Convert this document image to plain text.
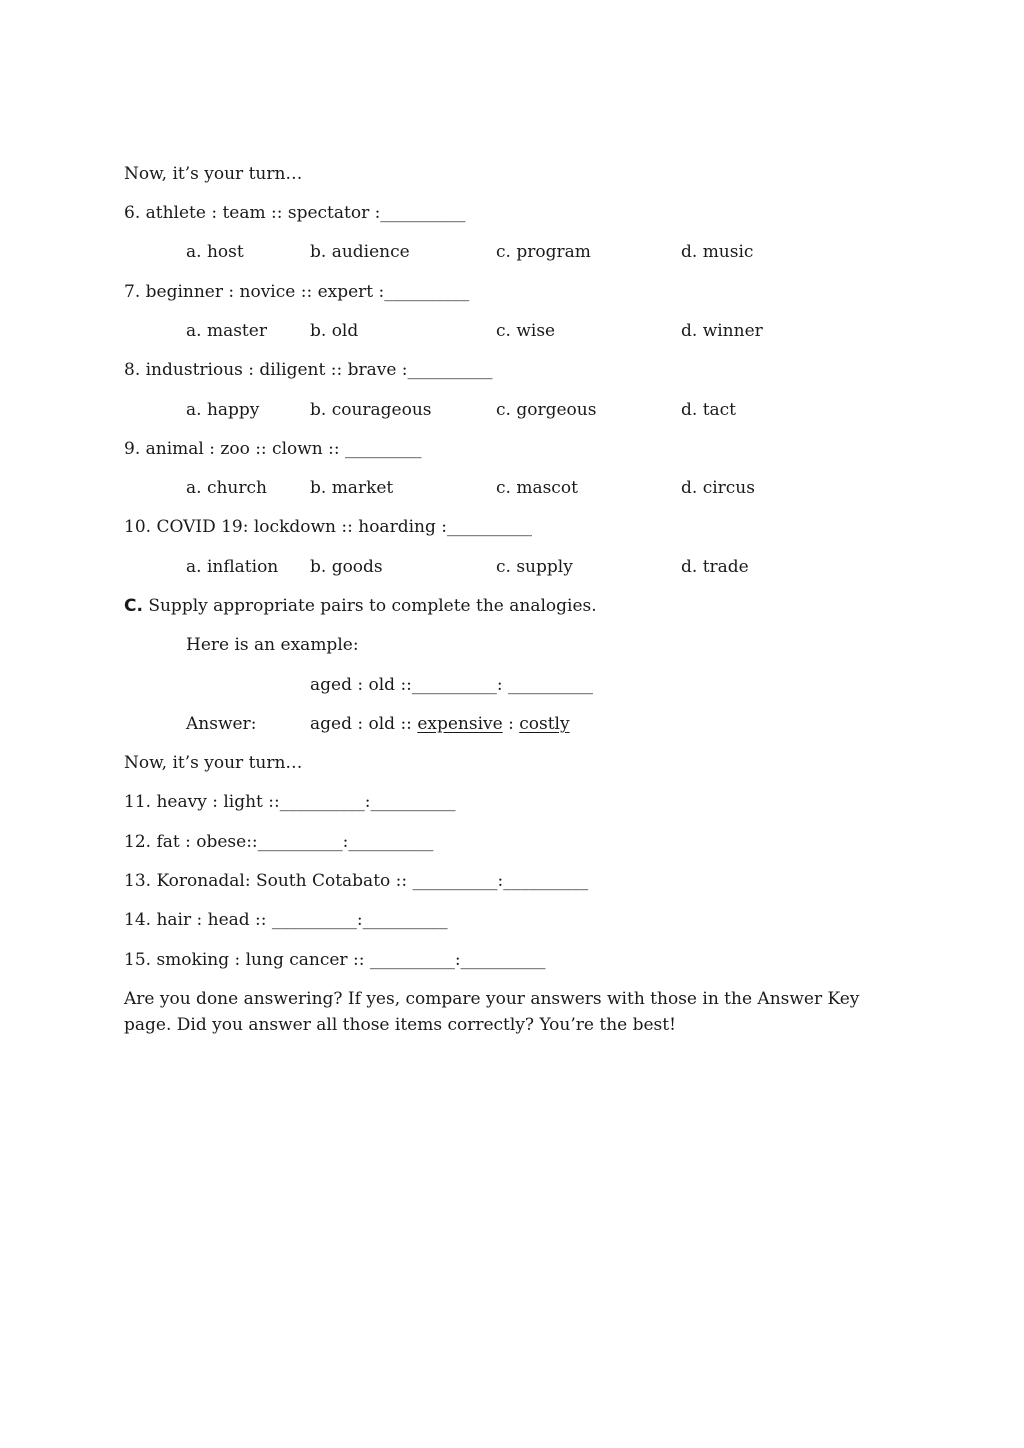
Now, it’s your turn…
6. athlete : team :: spectator :__________
a. host	b. audience	c. program	d. music
7. beginner : novice :: expert :__________
a. master	b. old	c. wise	d. winner
8. industrious : diligent :: brave :__________
a. happy	b. courageous	c. gorgeous	d. tact
9. animal : zoo :: clown :: _________
a. church	b. market	c. mascot	d. circus
10. COVID 19: lockdown :: hoarding :__________
a. inflation b. goods	c. supply	d. trade
C. Supply appropriate pairs to complete the analogies.
Here is an example:
aged : old ::__________: __________
Answer:	aged : old :: expensive : costly
Now, it’s your turn…
11. heavy : light ::__________:__________
12. fat : obese::__________:__________
13. Koronadal: South Cotabato :: __________:__________
14. hair : head :: __________:__________
15. smoking : lung cancer :: __________:__________
Are you done answering? If yes, compare your answers with those in the Answer Key
page. Did you answer all those items correctly? You’re the best!
